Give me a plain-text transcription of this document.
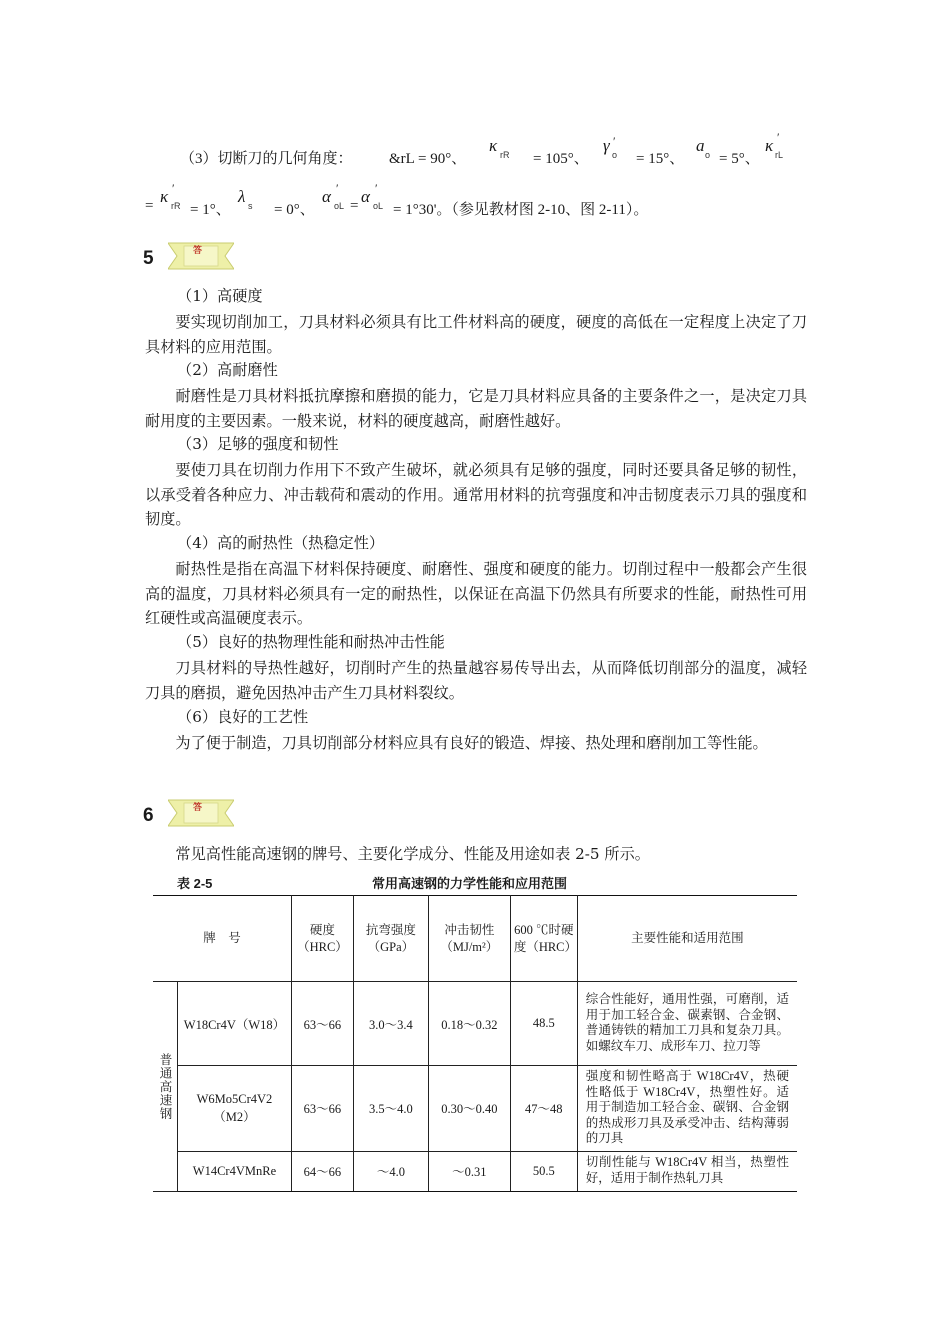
（3）切断刀的几何角度： &rL = 90°、
κ rR = 105°、
γ ′
o = 15°、
a o = 5°、
κ ′
rL
= κ ′
rR = 1°、
λ s = 0°、
α ′
oL = α ′
oL = 1°30'。（参见教材图 2-10、图 2-11）。
5	答
（1）高硬度
要实现切削加工，刀具材料必须具有比工件材料高的硬度，硬度的高低在一定程度上决定了刀具材料的应用范围。
（2）高耐磨性
耐磨性是刀具材料抵抗摩擦和磨损的能力，它是刀具材料应具备的主要条件之一，是决定刀具耐用度的主要因素。一般来说，材料的硬度越高，耐磨性越好。
（3）足够的强度和韧性
要使刀具在切削力作用下不致产生破坏，就必须具有足够的强度，同时还要具备足够的韧性，以承受着各种应力、冲击载荷和震动的作用。通常用材料的抗弯强度和冲击韧度表示刀具的强度和韧度。
（4）高的耐热性（热稳定性）
耐热性是指在高温下材料保持硬度、耐磨性、强度和硬度的能力。切削过程中一般都会产生很高的温度，刀具材料必须具有一定的耐热性，以保证在高温下仍然具有所要求的性能，耐热性可用红硬性或高温硬度表示。
（5）良好的热物理性能和耐热冲击性能
刀具材料的导热性越好，切削时产生的热量越容易传导出去，从而降低切削部分的温度，减轻刀具的磨损，避免因热冲击产生刀具材料裂纹。
（6）良好的工艺性
为了便于制造，刀具切削部分材料应具有良好的锻造、焊接、热处理和磨削加工等性能。
6	答
常见高性能高速钢的牌号、主要化学成分、性能及用途如表 2-5 所示。
表 2-5	常用高速钢的力学性能和应用范围
牌　号		硬度（HRC）	抗弯强度（GPa）	冲击韧性（MJ/m²）	600 ℃时硬度（HRC）	主要性能和适用范围
普通高速钢	W18Cr4V（W18）	63～66	3.0～3.4	0.18～0.32	48.5	综合性能好，通用性强，可磨削，适用于加工轻合金、碳素钢、合金钢、普通铸铁的精加工刀具和复杂刀具。如螺纹车刀、成形车刀、拉刀等
	W6Mo5Cr4V2（M2）	63～66	3.5～4.0	0.30～0.40	47～48	强度和韧性略高于 W18Cr4V，热硬性略低于 W18Cr4V，热塑性好。适用于制造加工轻合金、碳钢、合金钢的热成形刀具及承受冲击、结构薄弱的刀具
	W14Cr4VMnRe	64～66	～4.0	～0.31	50.5	切削性能与 W18Cr4V 相当，热塑性好，适用于制作热轧刀具
